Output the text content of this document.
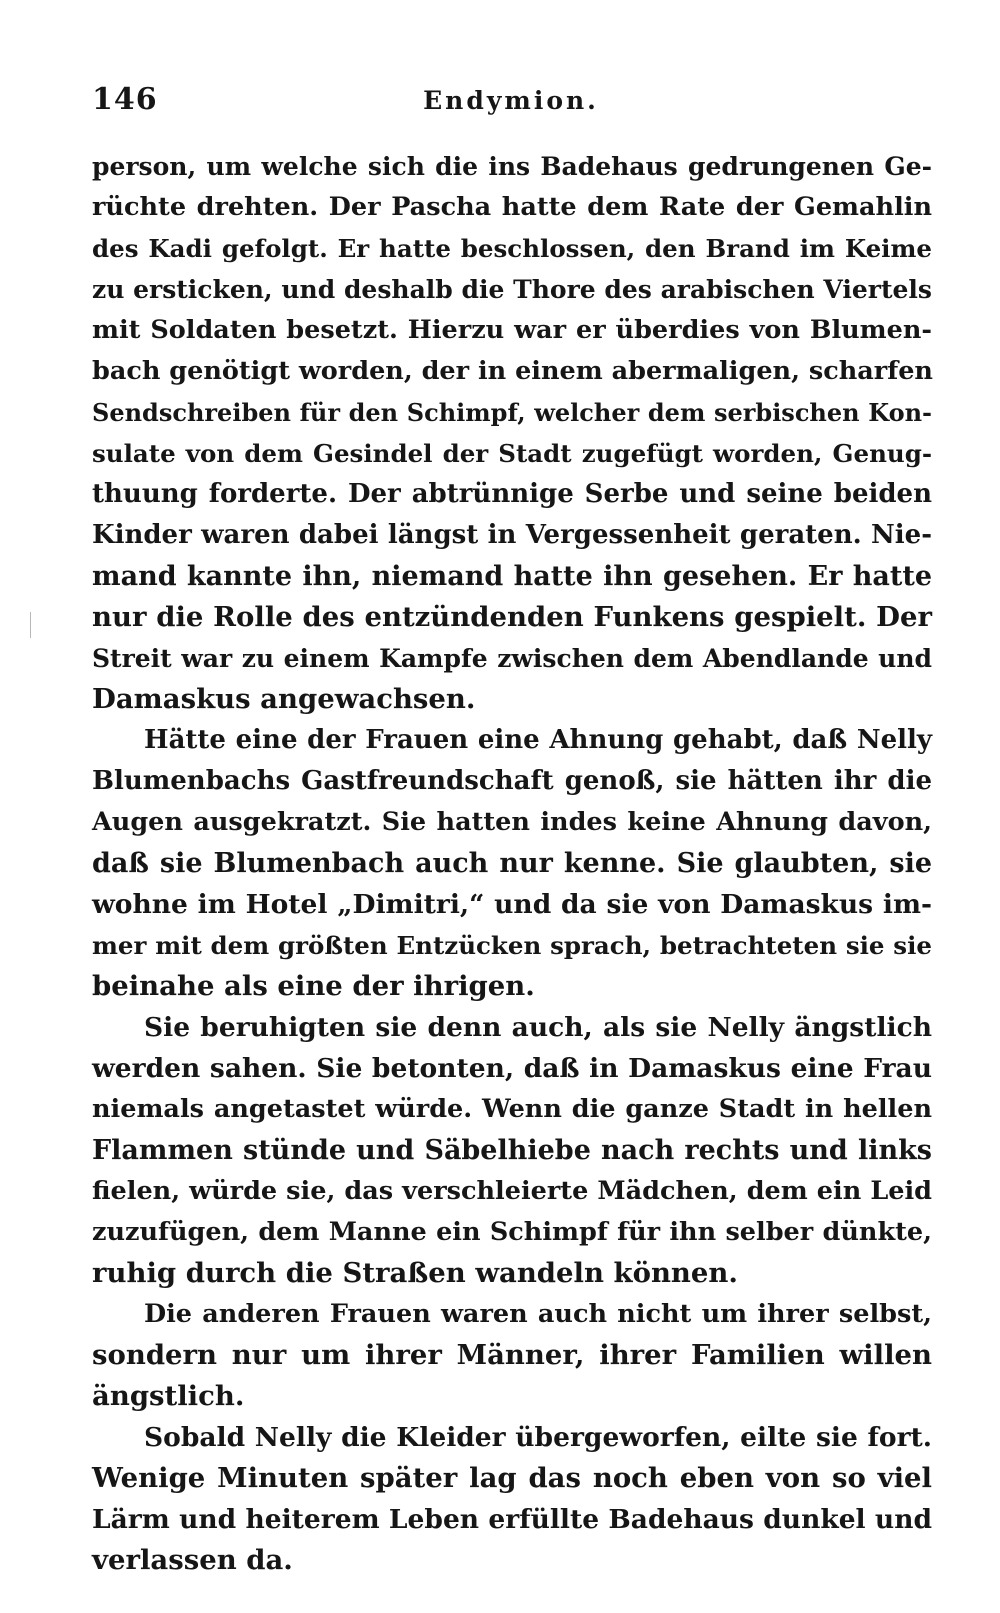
146	Endymion.
person, um welche sich die ins Badehaus gedrungenen Ge-
rüchte drehten. Der Pascha hatte dem Rate der Gemahlin
des Kadi gefolgt. Er hatte beschlossen, den Brand im Keime
zu ersticken, und deshalb die Thore des arabischen Viertels
mit Soldaten besetzt. Hierzu war er überdies von Blumen-
bach genötigt worden, der in einem abermaligen, scharfen
Sendschreiben für den Schimpf, welcher dem serbischen Kon-
sulate von dem Gesindel der Stadt zugefügt worden, Genug-
thuung forderte. Der abtrünnige Serbe und seine beiden
Kinder waren dabei längst in Vergessenheit geraten. Nie-
mand kannte ihn, niemand hatte ihn gesehen. Er hatte
nur die Rolle des entzündenden Funkens gespielt. Der
Streit war zu einem Kampfe zwischen dem Abendlande und
Damaskus angewachsen.
Hätte eine der Frauen eine Ahnung gehabt, daß Nelly
Blumenbachs Gastfreundschaft genoß, sie hätten ihr die
Augen ausgekratzt. Sie hatten indes keine Ahnung davon,
daß sie Blumenbach auch nur kenne. Sie glaubten, sie
wohne im Hotel „Dimitri,“ und da sie von Damaskus im-
mer mit dem größten Entzücken sprach, betrachteten sie sie
beinahe als eine der ihrigen.
Sie beruhigten sie denn auch, als sie Nelly ängstlich
werden sahen. Sie betonten, daß in Damaskus eine Frau
niemals angetastet würde. Wenn die ganze Stadt in hellen
Flammen stünde und Säbelhiebe nach rechts und links
fielen, würde sie, das verschleierte Mädchen, dem ein Leid
zuzufügen, dem Manne ein Schimpf für ihn selber dünkte,
ruhig durch die Straßen wandeln können.
Die anderen Frauen waren auch nicht um ihrer selbst,
sondern nur um ihrer Männer, ihrer Familien willen
ängstlich.
Sobald Nelly die Kleider übergeworfen, eilte sie fort.
Wenige Minuten später lag das noch eben von so viel
Lärm und heiterem Leben erfüllte Badehaus dunkel und
verlassen da.
